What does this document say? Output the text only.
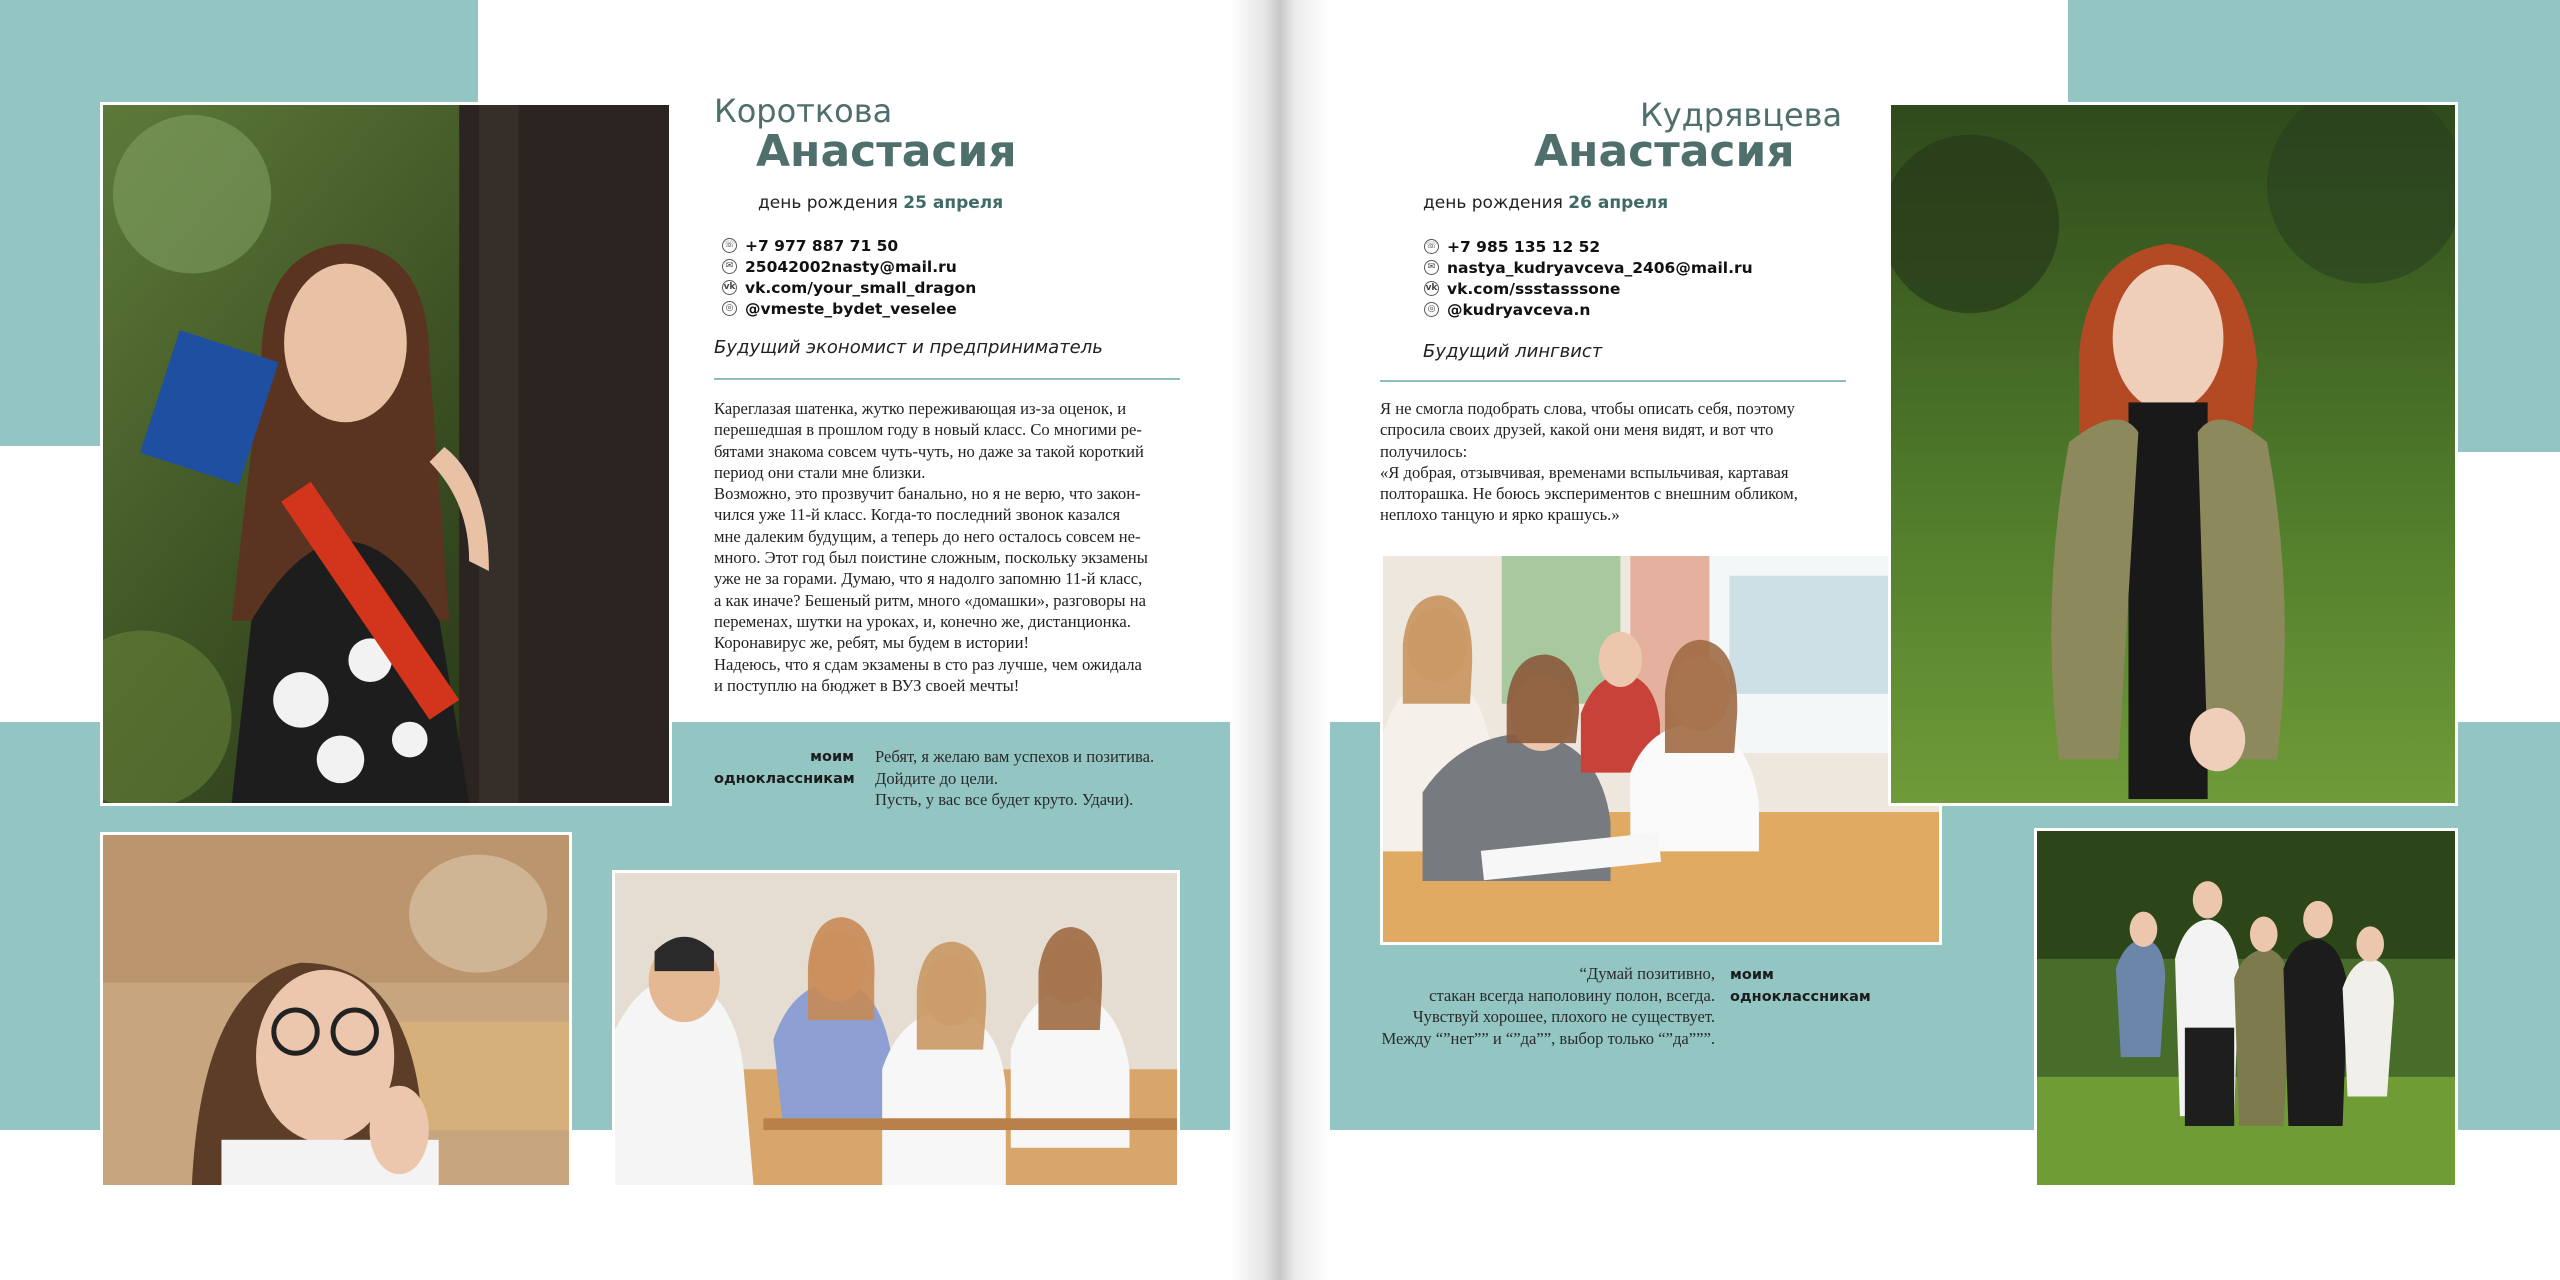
Короткова
Анастасия
день рождения 25 апреля
☏ +7 977 887 71 50
✉ 25042002nasty@mail.ru
vk vk.com/your_small_dragon
◎ @vmeste_bydet_veselee
Будущий экономист и предприниматель
Кареглазая шатенка, жутко переживающая из-за оценок, и
перешедшая в прошлом году в новый класс. Со многими ре-
бятами знакома совсем чуть-чуть, но даже за такой короткий
период они стали мне близки.
Возможно, это прозвучит банально, но я не верю, что закон-
чился уже 11-й класс. Когда-то последний звонок казался
мне далеким будущим, а теперь до него осталось совсем не-
много. Этот год был поистине сложным, поскольку экзамены
уже не за горами. Думаю, что я надолго запомню 11-й класс,
а как иначе? Бешеный ритм, много «домашки», разговоры на
переменах, шутки на уроках, и, конечно же, дистанционка.
Коронавирус же, ребят, мы будем в истории!
Надеюсь, что я сдам экзамены в сто раз лучше, чем ожидала
и поступлю на бюджет в ВУЗ своей мечты!
моим
одноклассникам
Ребят, я желаю вам успехов и позитива.
Дойдите до цели.
Пусть, у вас все будет круто. Удачи).
Кудрявцева
Анастасия
день рождения 26 апреля
☏ +7 985 135 12 52
✉ nastya_kudryavceva_2406@mail.ru
vk vk.com/ssstasssone
◎ @kudryavceva.n
Будущий лингвист
Я не смогла подобрать слова, чтобы описать себя, поэтому
спросила своих друзей, какой они меня видят, и вот что
получилось:
«Я добрая, отзывчивая, временами вспыльчивая, картавая
полторашка. Не боюсь экспериментов с внешним обликом,
неплохо танцую и ярко крашусь.»
“Думай позитивно,
стакан всегда наполовину полон, всегда.
Чувствуй хорошее, плохого не существует.
Между “”нет”” и “”да””, выбор только “”да”””.
моим
одноклассникам
